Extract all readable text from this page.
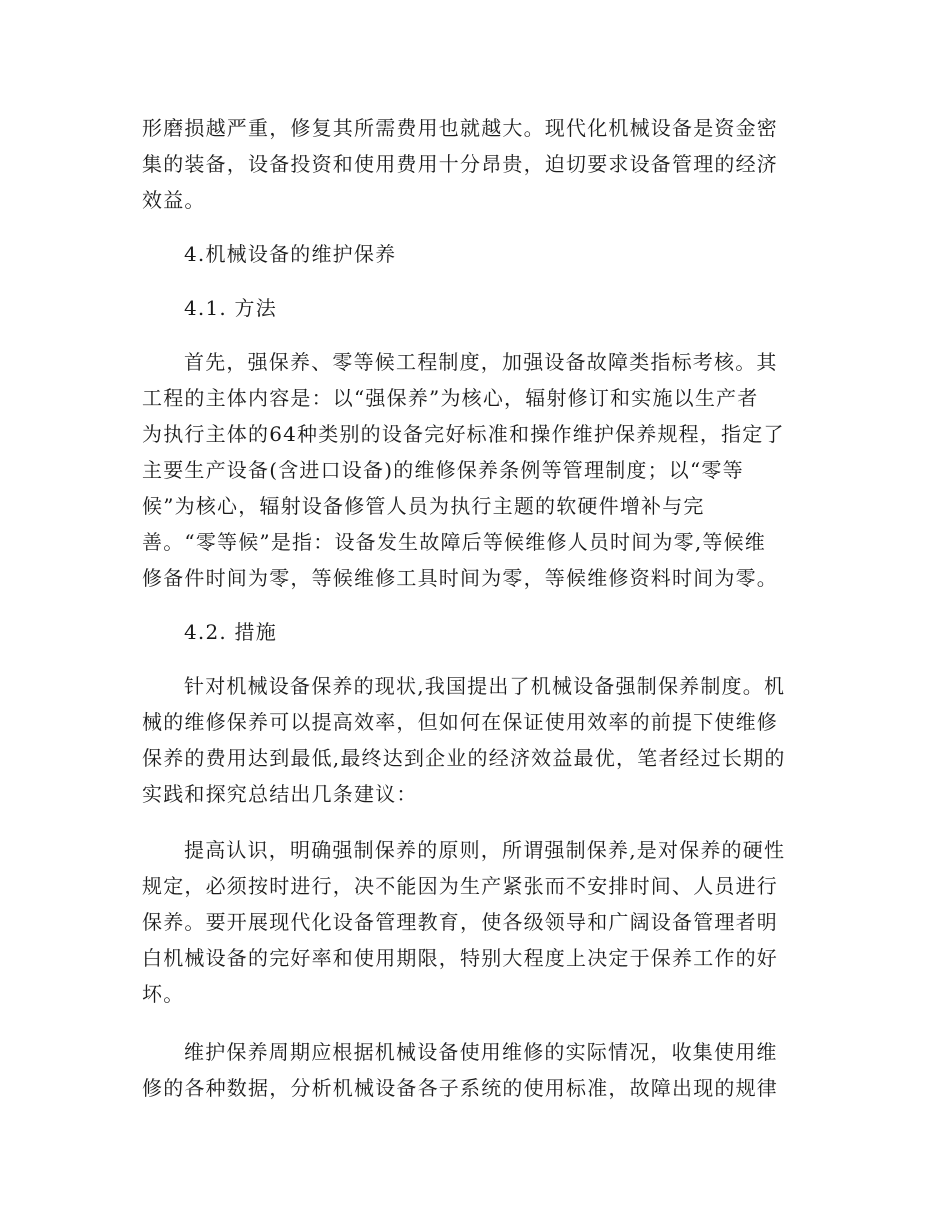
形磨损越严重，修复其所需费用也就越大。现代化机械设备是资金密
集的装备，设备投资和使用费用十分昂贵，迫切要求设备管理的经济
效益。
4.机械设备的维护保养
4.1. 方法
首先，强保养、零等候工程制度，加强设备故障类指标考核。其
工程的主体内容是：以“强保养”为核心，辐射修订和实施以生产者
为执行主体的64种类别的设备完好标准和操作维护保养规程，指定了
主要生产设备(含进口设备)的维修保养条例等管理制度；以“零等
候”为核心，辐射设备修管人员为执行主题的软硬件增补与完
善。“零等候”是指：设备发生故障后等候维修人员时间为零,等候维
修备件时间为零，等候维修工具时间为零，等候维修资料时间为零。
4.2. 措施
针对机械设备保养的现状,我国提出了机械设备强制保养制度。机
械的维修保养可以提高效率，但如何在保证使用效率的前提下使维修
保养的费用达到最低,最终达到企业的经济效益最优，笔者经过长期的
实践和探究总结出几条建议：
提高认识，明确强制保养的原则，所谓强制保养,是对保养的硬性
规定，必须按时进行，决不能因为生产紧张而不安排时间、人员进行
保养。要开展现代化设备管理教育，使各级领导和广阔设备管理者明
白机械设备的完好率和使用期限，特别大程度上决定于保养工作的好
坏。
维护保养周期应根据机械设备使用维修的实际情况，收集使用维
修的各种数据，分析机械设备各子系统的使用标准，故障出现的规律
